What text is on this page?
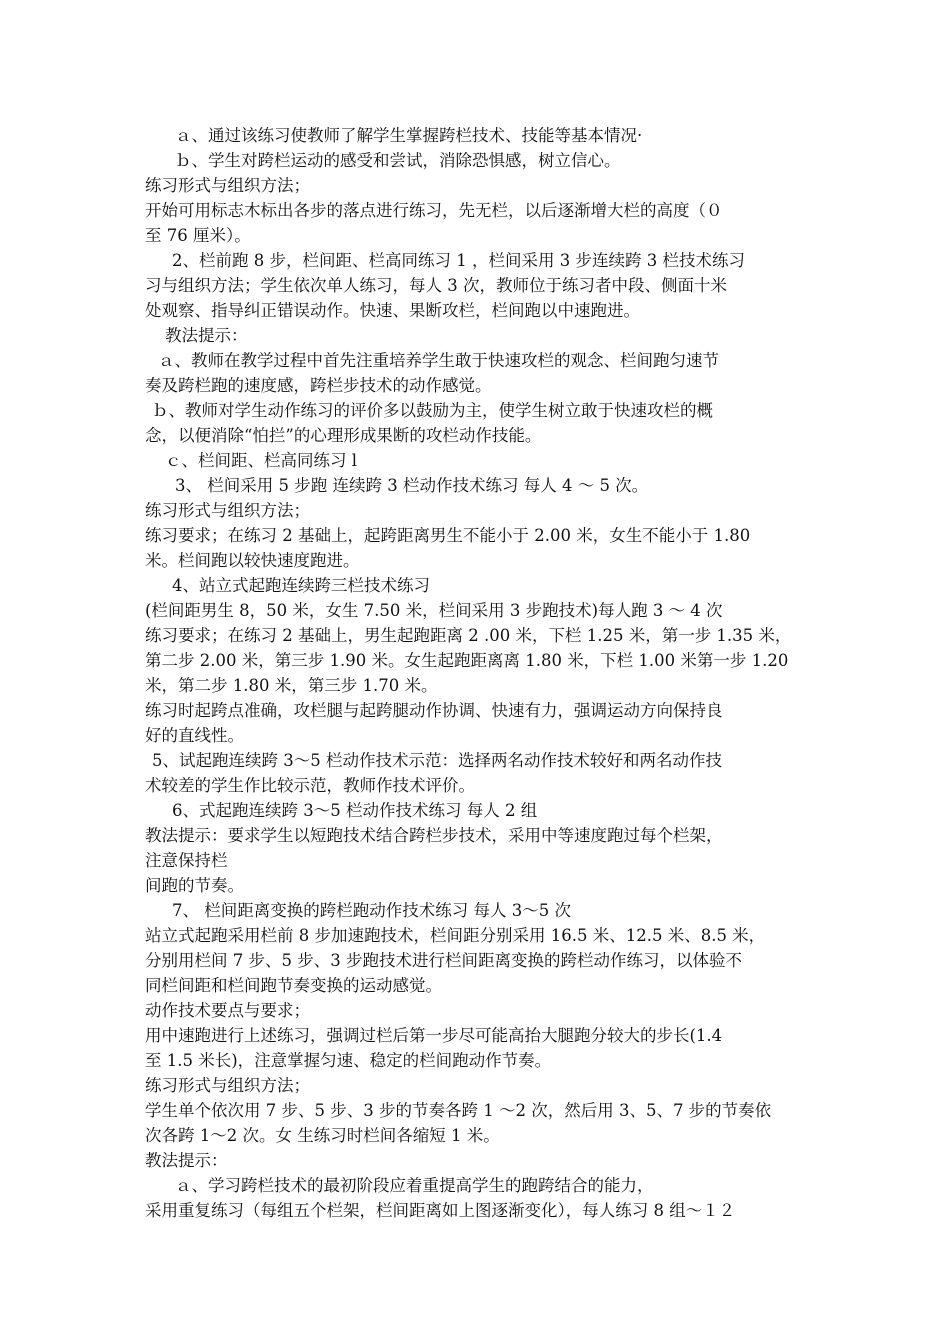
ａ、通过该练习使教师了解学生掌握跨栏技术、技能等基本情况·
ｂ、学生对跨栏运动的感受和尝试，消除恐惧感，树立信心。
练习形式与组织方法；
开始可用标志木标出各步的落点进行练习，先无栏，以后逐渐增大栏的高度（０
至 76 厘米）。
2、栏前跑 8 步，栏间距、栏高同练习 1 ，栏间采用 3 步连续跨 3 栏技术练习
习与组织方法；学生依次单人练习，每人 3 次，教师位于练习者中段、侧面十米
处观察、指导纠正错误动作。快速、果断攻栏，栏间跑以中速跑进。
教法提示：
ａ、教师在教学过程中首先注重培养学生敢于快速攻栏的观念、栏间跑匀速节
奏及跨栏跑的速度感，跨栏步技术的动作感觉。
ｂ、教师对学生动作练习的评价多以鼓励为主，使学生树立敢于快速攻栏的概
念，以便消除“怕拦”的心理形成果断的攻栏动作技能。
ｃ、栏间距、栏高同练习 l
3、 栏间采用 5 步跑 连续跨 3 栏动作技术练习 每人 4 ～ 5 次。
练习形式与组织方法；
练习要求；在练习 2 基础上，起跨距离男生不能小于 2.00 米，女生不能小于 1.80
米。栏间跑以较快速度跑进。
4、站立式起跑连续跨三栏技术练习
(栏间距男生 8，50 米，女生 7.50 米，栏间采用 3 步跑技术)每人跑 3 ～ 4 次
练习要求；在练习 2 基础上，男生起跑距离 2 .00 米，下栏 1.25 米，第一步 1.35 米，
第二步 2.00 米，第三步 1.90 米。女生起跑距离离 1.80 米，下栏 1.00 米第一步 1.20
米，第二步 1.80 米，第三步 1.70 米。
练习时起跨点准确，攻栏腿与起跨腿动作协调、快速有力，强调运动方向保持良
好的直线性。
5、试起跑连续跨 3～5 栏动作技术示范：选择两名动作技术较好和两名动作技
术较差的学生作比较示范，教师作技术评价。
6、式起跑连续跨 3～5 栏动作技术练习 每人 2 组
教法提示：要求学生以短跑技术结合跨栏步技术，采用中等速度跑过每个栏架，
注意保持栏
间跑的节奏。
7、 栏间距离变换的跨栏跑动作技术练习 每人 3～5 次
站立式起跑采用栏前 8 步加速跑技术，栏间距分别采用 16.5 米、12.5 米、8.5 米，
分别用栏间 7 步、5 步、3 步跑技术进行栏间距离变换的跨栏动作练习，以体验不
同栏间距和栏间跑节奏变换的运动感觉。
动作技术要点与要求；
用中速跑进行上述练习，强调过栏后第一步尽可能高抬大腿跑分较大的步长(1.4
至 1.5 米长)，注意掌握匀速、稳定的栏间跑动作节奏。
练习形式与组织方法；
学生单个依次用 7 步、5 步、3 步的节奏各跨 1 ～2 次，然后用 3、5、7 步的节奏依
次各跨 1～2 次。女 生练习时栏间各缩短 1 米。
教法提示：
ａ、学习跨栏技术的最初阶段应着重提高学生的跑跨结合的能力，
采用重复练习（每组五个栏架，栏间距离如上图逐渐变化），每人练习 8 组～１２
